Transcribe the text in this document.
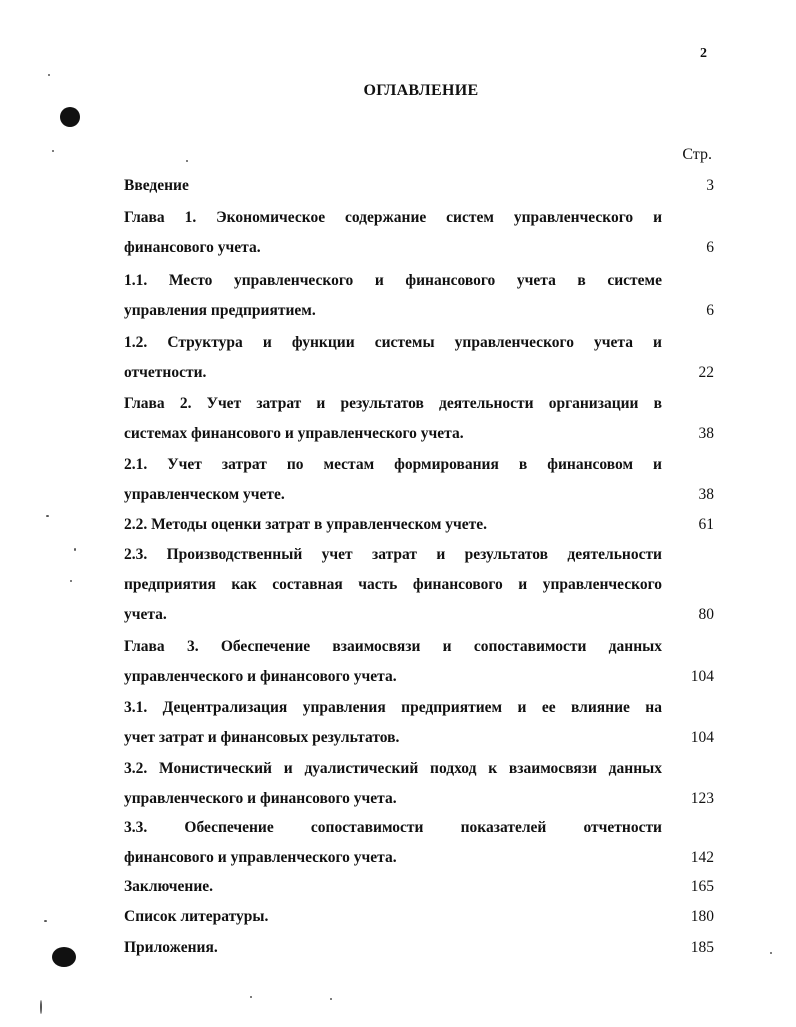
2
ОГЛАВЛЕНИЕ
Стр.
Введение	3
Глава 1. Экономическое содержание систем управленческого и
финансового учета.	6
1.1. Место управленческого и финансового учета в системе
управления предприятием.	6
1.2. Структура и функции системы управленческого учета и
отчетности.	22
Глава 2. Учет затрат и результатов деятельности организации в
системах финансового и управленческого учета.	38
2.1. Учет затрат по местам формирования в финансовом и
управленческом учете.	38
2.2. Методы оценки затрат в управленческом учете.	61
2.3. Производственный учет затрат и результатов деятельности
предприятия как составная часть финансового и управленческого
учета.	80
Глава 3. Обеспечение взаимосвязи и сопоставимости данных
управленческого и финансового учета.	104
3.1. Децентрализация управления предприятием и ее влияние на
учет затрат и финансовых результатов.	104
3.2. Монистический и дуалистический подход к взаимосвязи данных
управленческого и финансового учета.	123
3.3. Обеспечение сопоставимости показателей отчетности
финансового и управленческого учета.	142
Заключение.	165
Список литературы.	180
Приложения.	185
